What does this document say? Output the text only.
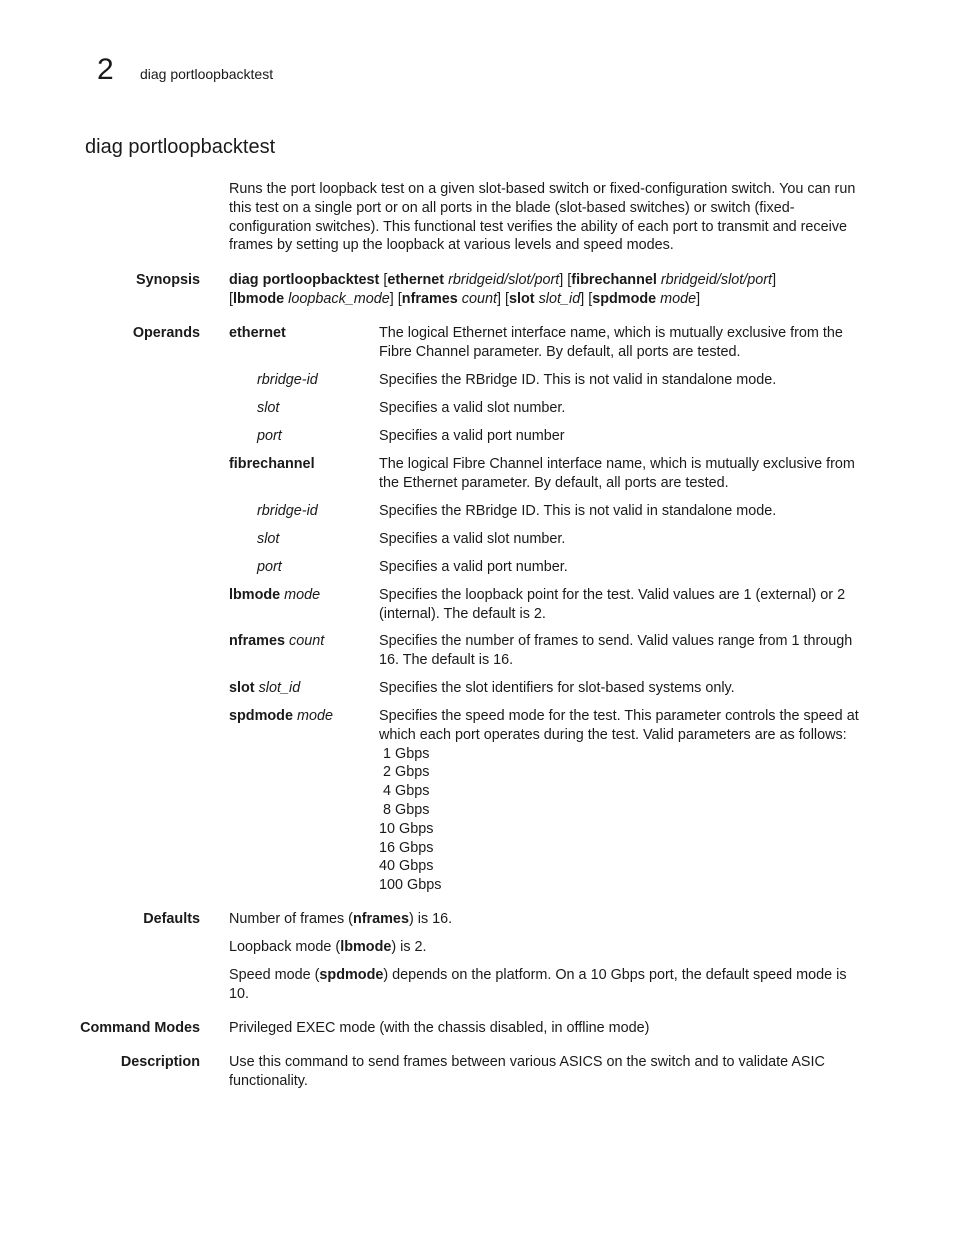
2 diag portloopbacktest
diag portloopbacktest

Runs the port loopback test on a given slot-based switch or fixed-configuration switch. You can run this test on a single port or on all ports in the blade (slot-based switches) or switch (fixed-configuration switches). This functional test verifies the ability of each port to transmit and receive frames by setting up the loopback at various levels and speed modes.

Synopsis diag portloopbacktest [ethernet rbridgeid/slot/port] [fibrechannel rbridgeid/slot/port]
[lbmode loopback_mode] [nframes count] [slot slot_id] [spdmode mode]

Operands ethernet	The logical Ethernet interface name, which is mutually exclusive from the Fibre Channel parameter. By default, all ports are tested.

rbridge-id	Specifies the RBridge ID. This is not valid in standalone mode.

slot	Specifies a valid slot number.

port	Specifies a valid port number

fibrechannel	The logical Fibre Channel interface name, which is mutually exclusive from the Ethernet parameter. By default, all ports are tested.

rbridge-id	Specifies the RBridge ID. This is not valid in standalone mode.

slot	Specifies a valid slot number.

port	Specifies a valid port number.

lbmode mode	Specifies the loopback point for the test. Valid values are 1 (external) or 2 (internal). The default is 2.

nframes count	Specifies the number of frames to send. Valid values range from 1 through 16. The default is 16.

slot slot_id	Specifies the slot identifiers for slot-based systems only.

spdmode mode	Specifies the speed mode for the test. This parameter controls the speed at which each port operates during the test. Valid parameters are as follows:
1 Gbps
2 Gbps
4 Gbps
8 Gbps
10 Gbps
16 Gbps
40 Gbps
100 Gbps
Defaults Number of frames (nframes) is 16.

Loopback mode (lbmode) is 2.

Speed mode (spdmode) depends on the platform. On a 10 Gbps port, the default speed mode is 10.

Command Modes Privileged EXEC mode (with the chassis disabled, in offline mode)

Description Use this command to send frames between various ASICS on the switch and to validate ASIC functionality.
